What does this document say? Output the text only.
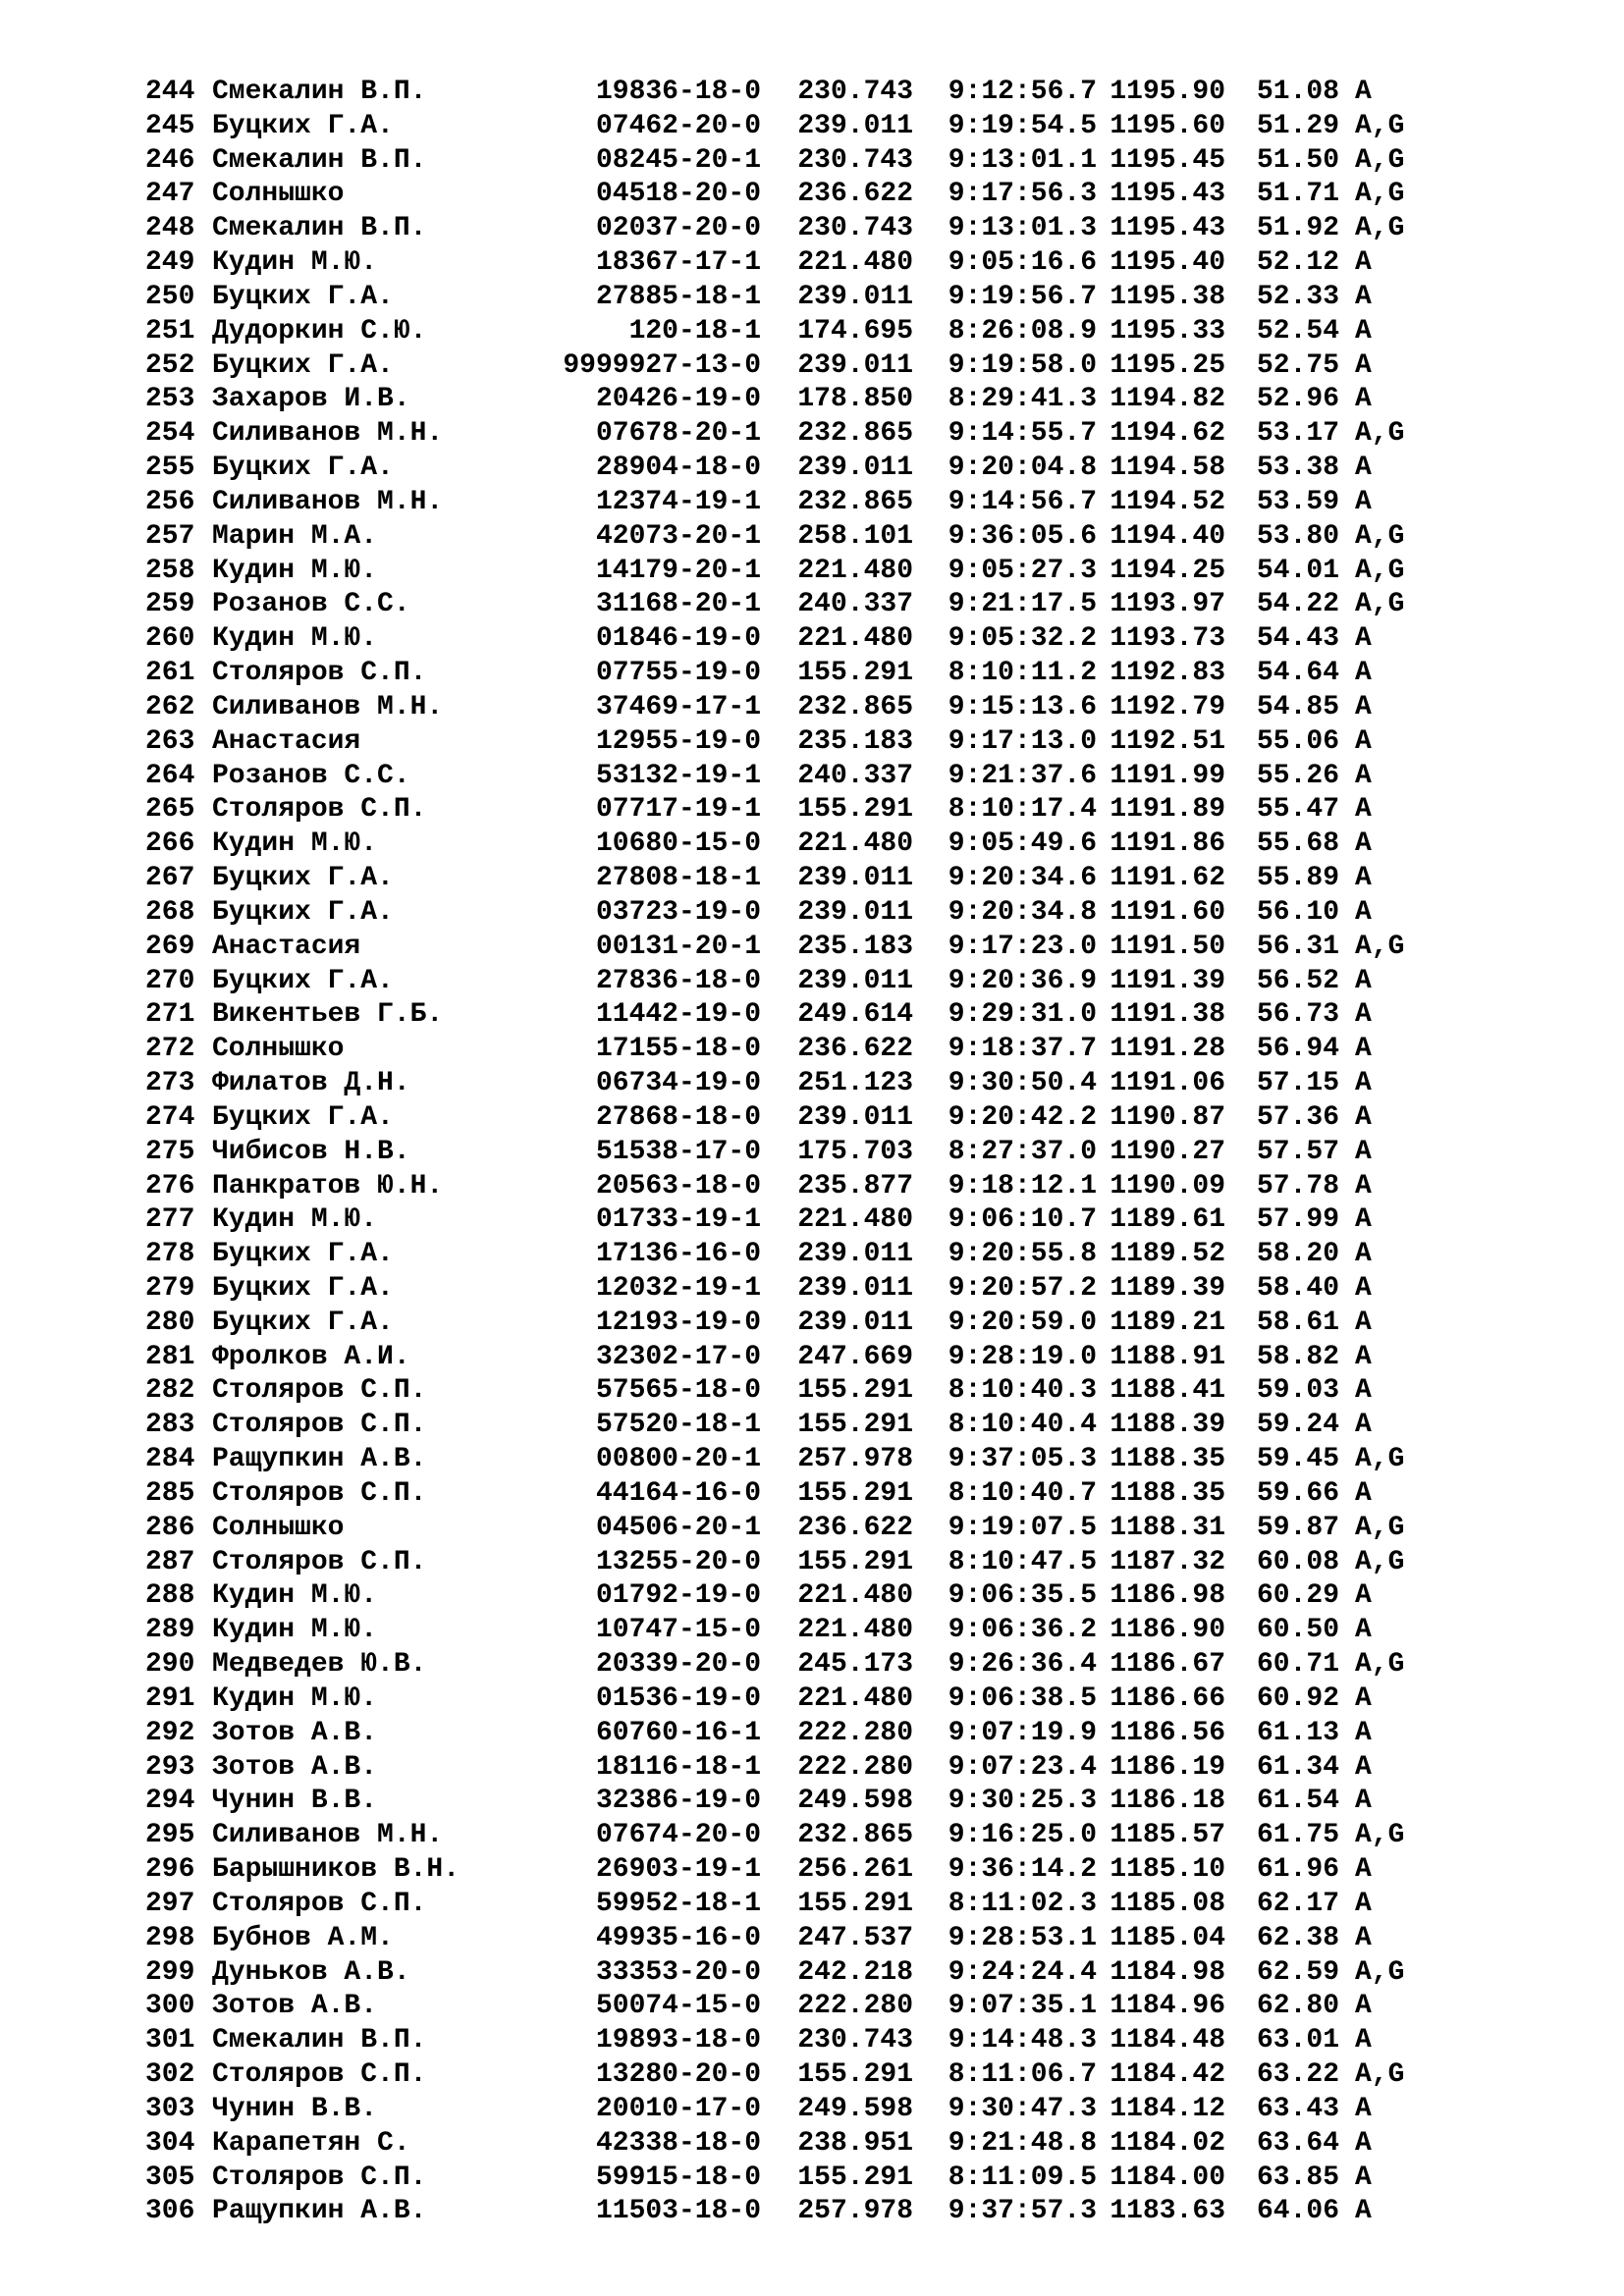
244 Смекалин В.П.	19836-18-0	230.743	9:12:56.7 1195.90	51.08 A
245 Буцких Г.А.	07462-20-0	239.011	9:19:54.5 1195.60	51.29 A,G
246 Смекалин В.П.	08245-20-1	230.743	9:13:01.1 1195.45	51.50 A,G
247 Солнышко	04518-20-0	236.622	9:17:56.3 1195.43	51.71 A,G
248 Смекалин В.П.	02037-20-0	230.743	9:13:01.3 1195.43	51.92 A,G
249 Кудин М.Ю.	18367-17-1	221.480	9:05:16.6 1195.40	52.12 A
250 Буцких Г.А.	27885-18-1	239.011	9:19:56.7 1195.38	52.33 A
251 Дудоркин С.Ю.	120-18-1	174.695	8:26:08.9 1195.33	52.54 A
252 Буцких Г.А.	9999927-13-0	239.011	9:19:58.0 1195.25	52.75 A
253 Захаров И.В.	20426-19-0	178.850	8:29:41.3 1194.82	52.96 A
254 Силиванов М.Н.	07678-20-1	232.865	9:14:55.7 1194.62	53.17 A,G
255 Буцких Г.А.	28904-18-0	239.011	9:20:04.8 1194.58	53.38 A
256 Силиванов М.Н.	12374-19-1	232.865	9:14:56.7 1194.52	53.59 A
257 Марин М.А.	42073-20-1	258.101	9:36:05.6 1194.40	53.80 A,G
258 Кудин М.Ю.	14179-20-1	221.480	9:05:27.3 1194.25	54.01 A,G
259 Розанов С.С.	31168-20-1	240.337	9:21:17.5 1193.97	54.22 A,G
260 Кудин М.Ю.	01846-19-0	221.480	9:05:32.2 1193.73	54.43 A
261 Столяров С.П.	07755-19-0	155.291	8:10:11.2 1192.83	54.64 A
262 Силиванов М.Н.	37469-17-1	232.865	9:15:13.6 1192.79	54.85 A
263 Анастасия	12955-19-0	235.183	9:17:13.0 1192.51	55.06 A
264 Розанов С.С.	53132-19-1	240.337	9:21:37.6 1191.99	55.26 A
265 Столяров С.П.	07717-19-1	155.291	8:10:17.4 1191.89	55.47 A
266 Кудин М.Ю.	10680-15-0	221.480	9:05:49.6 1191.86	55.68 A
267 Буцких Г.А.	27808-18-1	239.011	9:20:34.6 1191.62	55.89 A
268 Буцких Г.А.	03723-19-0	239.011	9:20:34.8 1191.60	56.10 A
269 Анастасия	00131-20-1	235.183	9:17:23.0 1191.50	56.31 A,G
270 Буцких Г.А.	27836-18-0	239.011	9:20:36.9 1191.39	56.52 A
271 Викентьев Г.Б.	11442-19-0	249.614	9:29:31.0 1191.38	56.73 A
272 Солнышко	17155-18-0	236.622	9:18:37.7 1191.28	56.94 A
273 Филатов Д.Н.	06734-19-0	251.123	9:30:50.4 1191.06	57.15 A
274 Буцких Г.А.	27868-18-0	239.011	9:20:42.2 1190.87	57.36 A
275 Чибисов Н.В.	51538-17-0	175.703	8:27:37.0 1190.27	57.57 A
276 Панкратов Ю.Н.	20563-18-0	235.877	9:18:12.1 1190.09	57.78 A
277 Кудин М.Ю.	01733-19-1	221.480	9:06:10.7 1189.61	57.99 A
278 Буцких Г.А.	17136-16-0	239.011	9:20:55.8 1189.52	58.20 A
279 Буцких Г.А.	12032-19-1	239.011	9:20:57.2 1189.39	58.40 A
280 Буцких Г.А.	12193-19-0	239.011	9:20:59.0 1189.21	58.61 A
281 Фролков А.И.	32302-17-0	247.669	9:28:19.0 1188.91	58.82 A
282 Столяров С.П.	57565-18-0	155.291	8:10:40.3 1188.41	59.03 A
283 Столяров С.П.	57520-18-1	155.291	8:10:40.4 1188.39	59.24 A
284 Ращупкин А.В.	00800-20-1	257.978	9:37:05.3 1188.35	59.45 A,G
285 Столяров С.П.	44164-16-0	155.291	8:10:40.7 1188.35	59.66 A
286 Солнышко	04506-20-1	236.622	9:19:07.5 1188.31	59.87 A,G
287 Столяров С.П.	13255-20-0	155.291	8:10:47.5 1187.32	60.08 A,G
288 Кудин М.Ю.	01792-19-0	221.480	9:06:35.5 1186.98	60.29 A
289 Кудин М.Ю.	10747-15-0	221.480	9:06:36.2 1186.90	60.50 A
290 Медведев Ю.В.	20339-20-0	245.173	9:26:36.4 1186.67	60.71 A,G
291 Кудин М.Ю.	01536-19-0	221.480	9:06:38.5 1186.66	60.92 A
292 Зотов А.В.	60760-16-1	222.280	9:07:19.9 1186.56	61.13 A
293 Зотов А.В.	18116-18-1	222.280	9:07:23.4 1186.19	61.34 A
294 Чунин В.В.	32386-19-0	249.598	9:30:25.3 1186.18	61.54 A
295 Силиванов М.Н.	07674-20-0	232.865	9:16:25.0 1185.57	61.75 A,G
296 Барышников В.Н.	26903-19-1	256.261	9:36:14.2 1185.10	61.96 A
297 Столяров С.П.	59952-18-1	155.291	8:11:02.3 1185.08	62.17 A
298 Бубнов А.М.	49935-16-0	247.537	9:28:53.1 1185.04	62.38 A
299 Дуньков А.В.	33353-20-0	242.218	9:24:24.4 1184.98	62.59 A,G
300 Зотов А.В.	50074-15-0	222.280	9:07:35.1 1184.96	62.80 A
301 Смекалин В.П.	19893-18-0	230.743	9:14:48.3 1184.48	63.01 A
302 Столяров С.П.	13280-20-0	155.291	8:11:06.7 1184.42	63.22 A,G
303 Чунин В.В.	20010-17-0	249.598	9:30:47.3 1184.12	63.43 A
304 Карапетян С.	42338-18-0	238.951	9:21:48.8 1184.02	63.64 A
305 Столяров С.П.	59915-18-0	155.291	8:11:09.5 1184.00	63.85 A
306 Ращупкин А.В.	11503-18-0	257.978	9:37:57.3 1183.63	64.06 A
